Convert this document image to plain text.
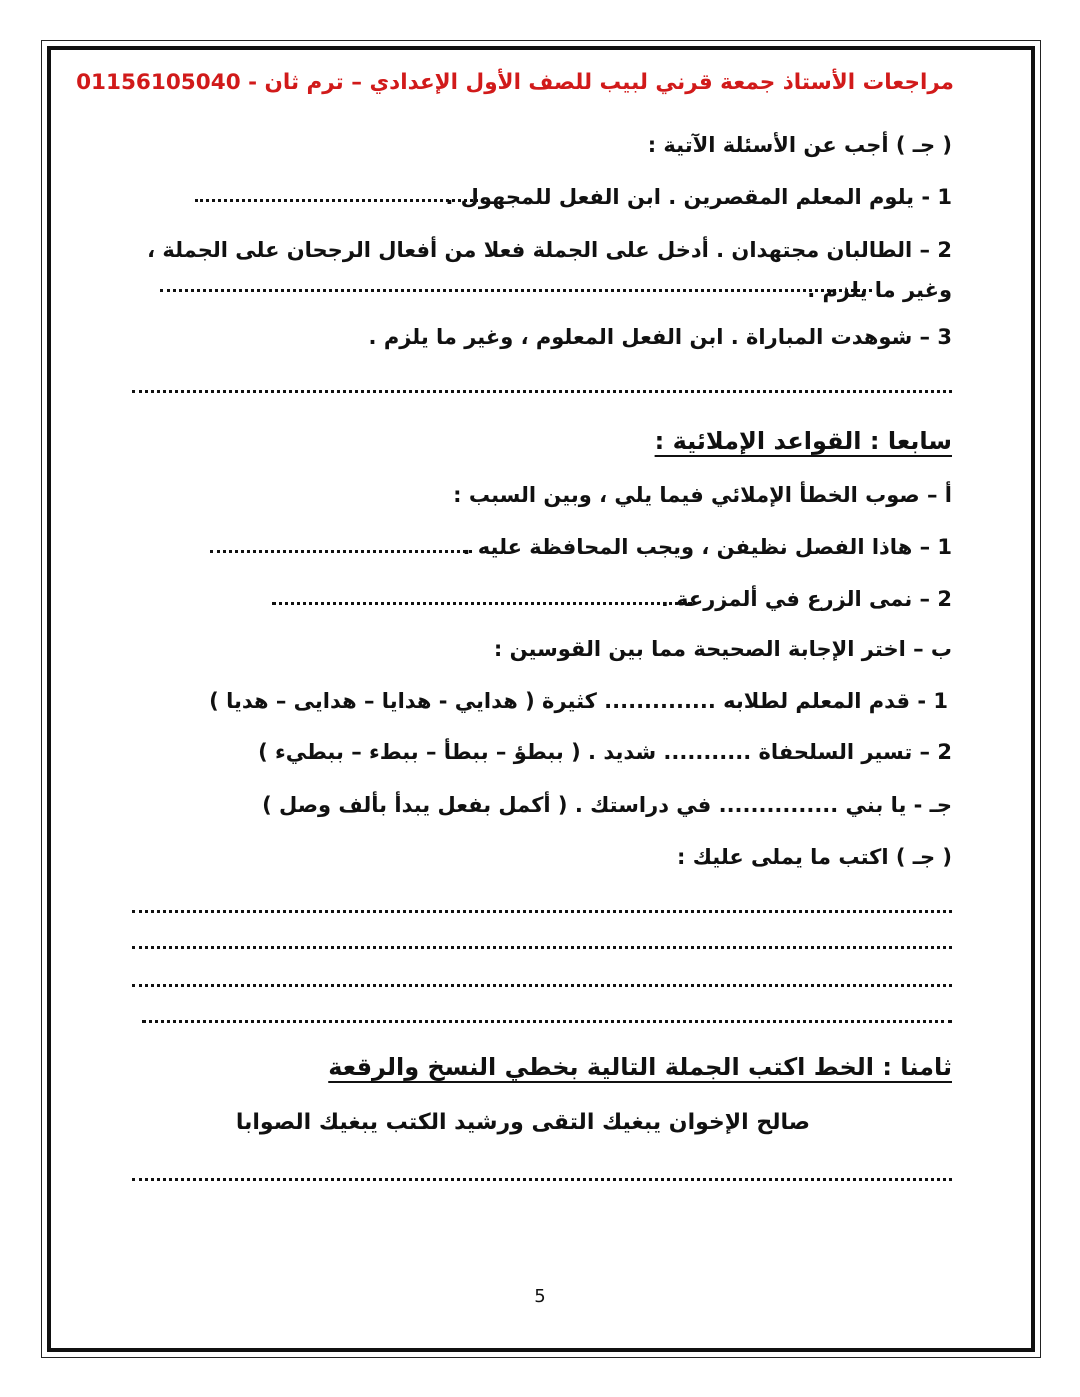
مراجعات الأستاذ جمعة قرني لبيب للصف الأول الإعدادي – ترم ثان - 01156105040
( جـ ) أجب عن الأسئلة الآتية :
1 - يلوم المعلم المقصرين . ابن الفعل للمجهول .
2 – الطالبان مجتهدان . أدخل على الجملة فعلا من أفعال الرجحان على الجملة ، وغير ما يلزم .
3 – شوهدت المباراة . ابن الفعل المعلوم ، وغير ما يلزم .
سابعا : القواعد الإملائية :
أ – صوب الخطأ الإملائي فيما يلي ، وبين السبب :
1 – هاذا الفصل نظيفن ، ويجب المحافظة عليه .
2 – نمى الزرع في ألمزرعة .
ب – اختر الإجابة الصحيحة مما بين القوسين :
1 - قدم المعلم لطلابه .............. كثيرة ( هدايي - هدايا – هدايى – هديا )
2 – تسير السلحفاة ........... شديد . ( ببطؤ – ببطأ – ببطء – ببطيء )
جـ - يا بني ............... في دراستك . ( أكمل بفعل يبدأ بألف وصل )
( جـ ) اكتب ما يملى عليك :
ثامنا : الخط اكتب الجملة التالية بخطي النسخ والرقعة
صالح الإخوان يبغيك التقى ورشيد الكتب يبغيك الصوابا
5
